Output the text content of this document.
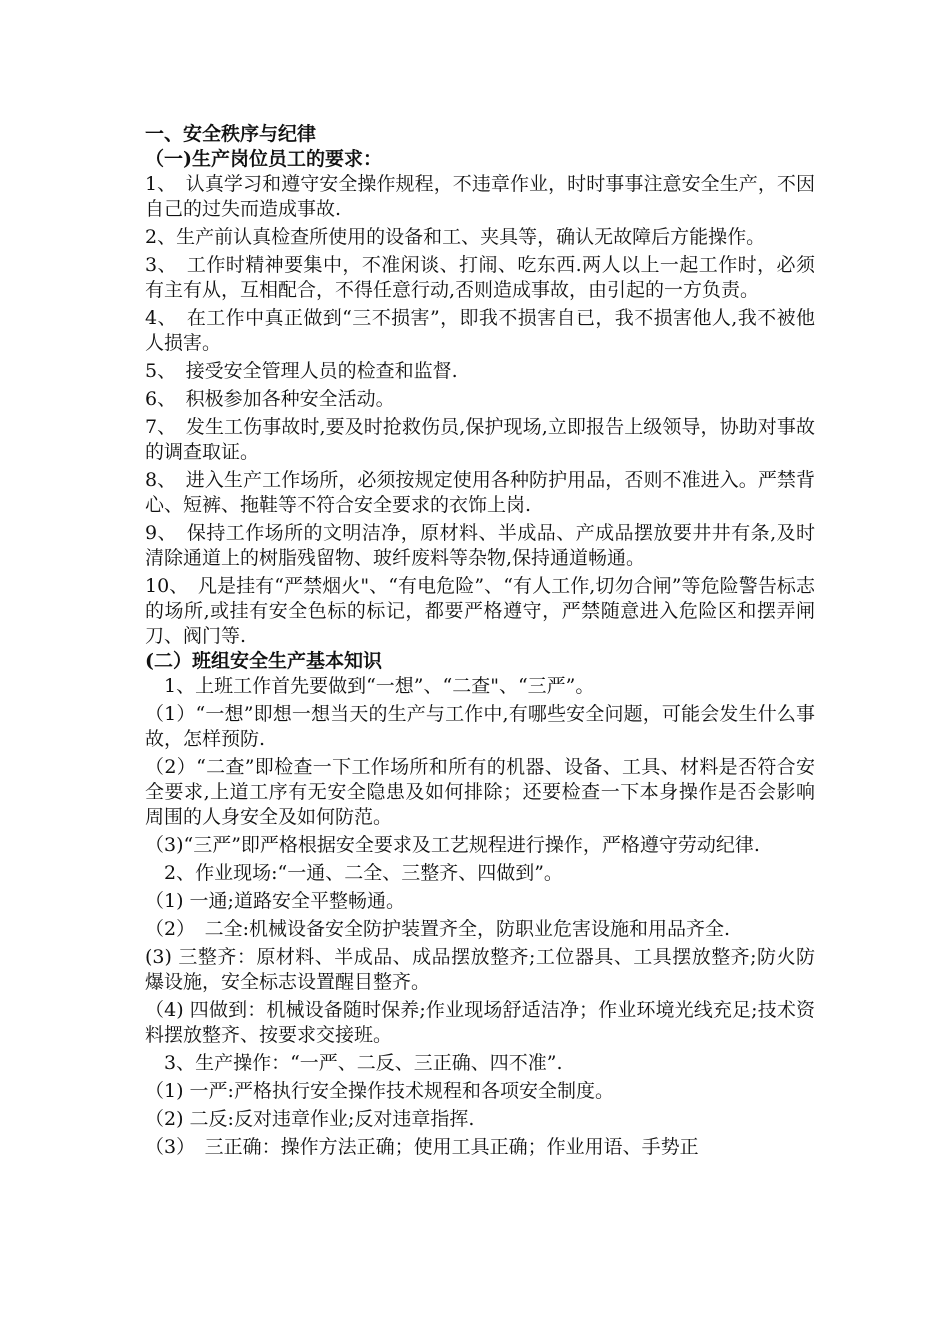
一、安全秩序与纪律

（一)生产岗位员工的要求：

1、　认真学习和遵守安全操作规程，不违章作业，时时事事注意安全生产，不因自己的过失而造成事故.

2、生产前认真检查所使用的设备和工、夹具等，确认无故障后方能操作。

3、　工作时精神要集中，不准闲谈、打闹、吃东西.两人以上一起工作时，必须有主有从，互相配合，不得任意行动,否则造成事故，由引起的一方负责。

4、　在工作中真正做到“三不损害”，即我不损害自已，我不损害他人,我不被他人损害。

5、　接受安全管理人员的检查和监督.

6、　积极参加各种安全活动。

7、　发生工伤事故时,要及时抢救伤员,保护现场,立即报告上级领导，协助对事故的调查取证。

8、　进入生产工作场所，必须按规定使用各种防护用品，否则不准进入。严禁背心、短裤、拖鞋等不符合安全要求的衣饰上岗.

9、　保持工作场所的文明洁净，原材料、半成品、产成品摆放要井井有条,及时清除通道上的树脂残留物、玻纤废料等杂物,保持通道畅通。

10、　凡是挂有“严禁烟火"、“有电危险”、“有人工作,切勿合闸”等危险警告标志的场所,或挂有安全色标的标记，都要严格遵守，严禁随意进入危险区和摆弄闸刀、阀门等.

(二）班组安全生产基本知识

　1、上班工作首先要做到“一想”、“二查"、“三严”。

（1）“一想”即想一想当天的生产与工作中,有哪些安全问题，可能会发生什么事故，怎样预防.

（2）“二查”即检查一下工作场所和所有的机器、设备、工具、材料是否符合安全要求,上道工序有无安全隐患及如何排除；还要检查一下本身操作是否会影响周围的人身安全及如何防范。

（3)“三严”即严格根据安全要求及工艺规程进行操作，严格遵守劳动纪律.

　2、作业现场:“一通、二全、三整齐、四做到”。

（1) 一通;道路安全平整畅通。

（2）　二全:机械设备安全防护装置齐全，防职业危害设施和用品齐全.

(3) 三整齐：原材料、半成品、成品摆放整齐;工位器具、工具摆放整齐;防火防爆设施，安全标志设置醒目整齐。

（4) 四做到：机械设备随时保养;作业现场舒适洁净；作业环境光线充足;技术资料摆放整齐、按要求交接班。

　3、生产操作：“一严、二反、三正确、四不准”.

（1) 一严:严格执行安全操作技术规程和各项安全制度。

（2) 二反:反对违章作业;反对违章指挥.

（3）　三正确：操作方法正确；使用工具正确；作业用语、手势正
